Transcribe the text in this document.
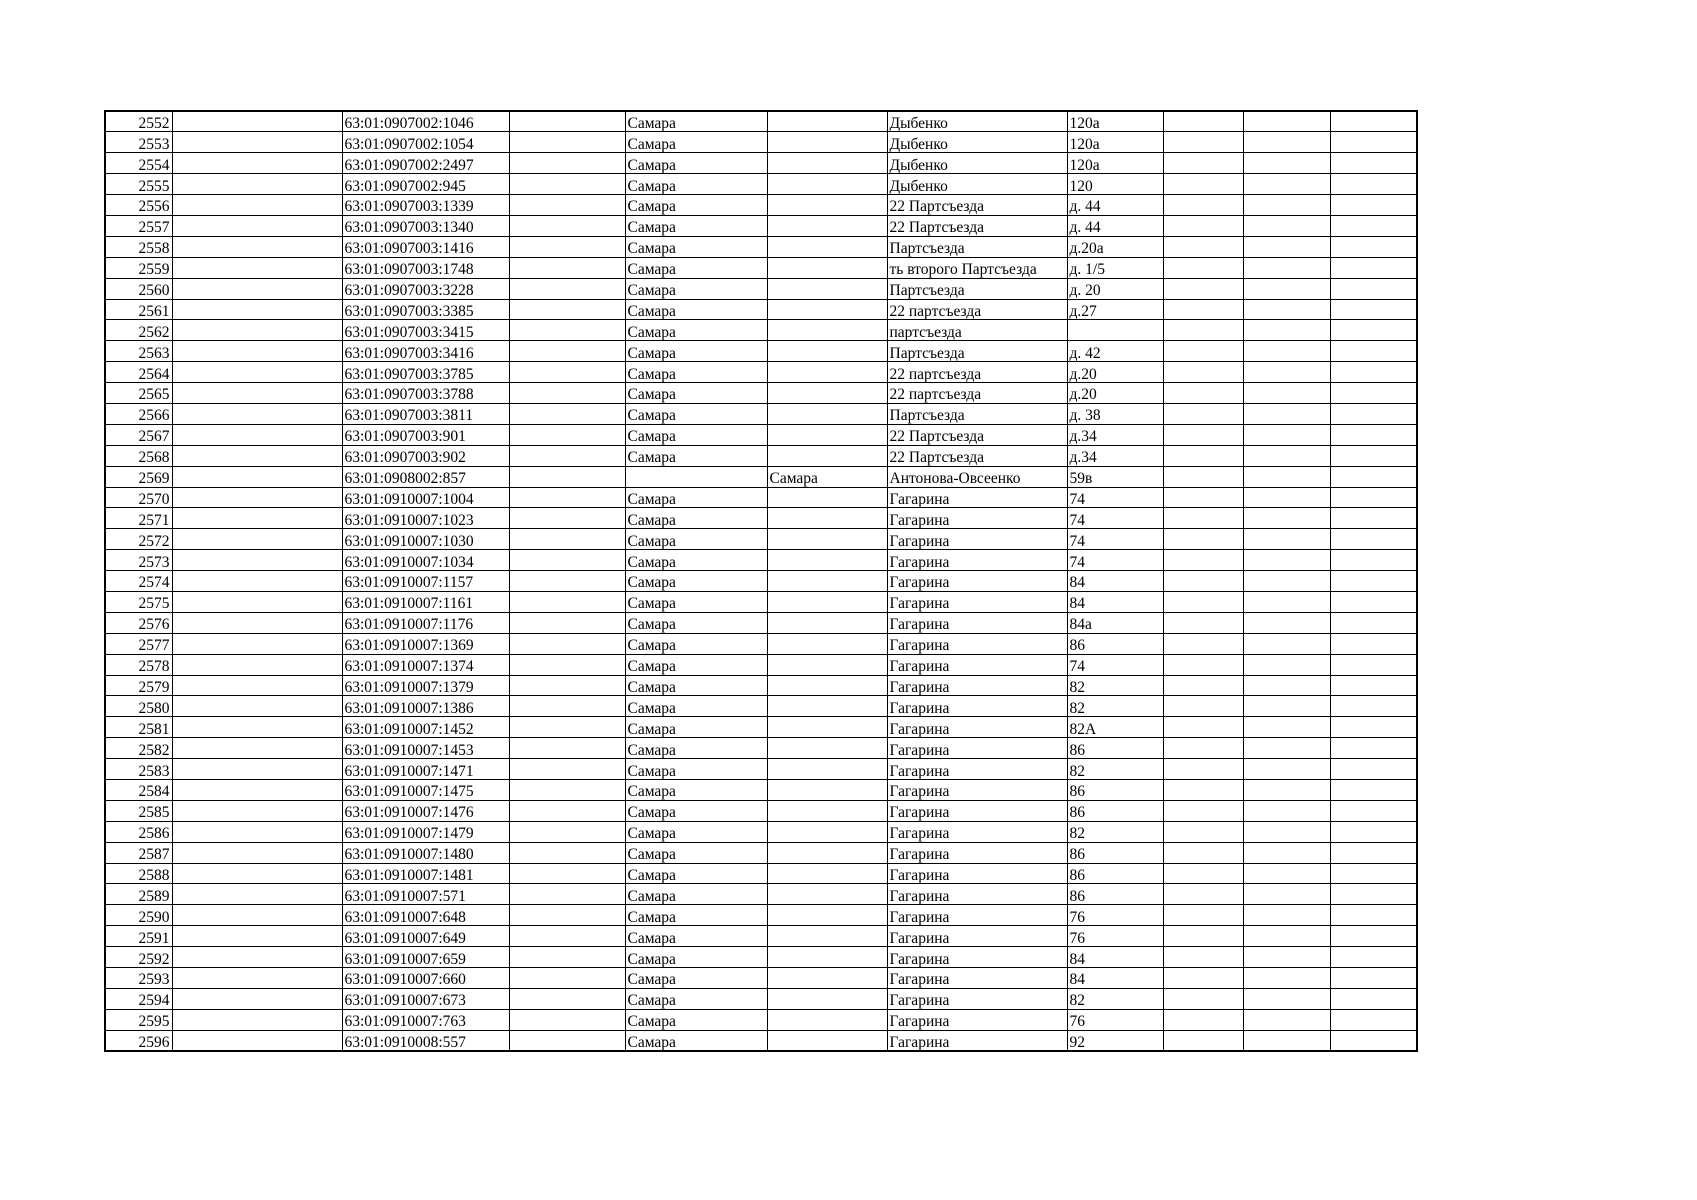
2552		63:01:0907002:1046		Самара		Дыбенко	120а			
2553		63:01:0907002:1054		Самара		Дыбенко	120а			
2554		63:01:0907002:2497		Самара		Дыбенко	120а			
2555		63:01:0907002:945		Самара		Дыбенко	120			
2556		63:01:0907003:1339		Самара		22 Партсъезда	д. 44			
2557		63:01:0907003:1340		Самара		22 Партсъезда	д. 44			
2558		63:01:0907003:1416		Самара		Партсъезда	д.20а			
2559		63:01:0907003:1748		Самара		ть второго Партсъезда	д. 1/5			
2560		63:01:0907003:3228		Самара		Партсъезда	д. 20			
2561		63:01:0907003:3385		Самара		22 партсъезда	д.27			
2562		63:01:0907003:3415		Самара		партсъезда				
2563		63:01:0907003:3416		Самара		Партсъезда	д. 42			
2564		63:01:0907003:3785		Самара		22 партсъезда	д.20			
2565		63:01:0907003:3788		Самара		22 партсъезда	д.20			
2566		63:01:0907003:3811		Самара		Партсъезда	д. 38			
2567		63:01:0907003:901		Самара		22 Партсъезда	д.34			
2568		63:01:0907003:902		Самара		22 Партсъезда	д.34			
2569		63:01:0908002:857			Самара	Антонова-Овсеенко	59в			
2570		63:01:0910007:1004		Самара		Гагарина	74			
2571		63:01:0910007:1023		Самара		Гагарина	74			
2572		63:01:0910007:1030		Самара		Гагарина	74			
2573		63:01:0910007:1034		Самара		Гагарина	74			
2574		63:01:0910007:1157		Самара		Гагарина	84			
2575		63:01:0910007:1161		Самара		Гагарина	84			
2576		63:01:0910007:1176		Самара		Гагарина	84а			
2577		63:01:0910007:1369		Самара		Гагарина	86			
2578		63:01:0910007:1374		Самара		Гагарина	74			
2579		63:01:0910007:1379		Самара		Гагарина	82			
2580		63:01:0910007:1386		Самара		Гагарина	82			
2581		63:01:0910007:1452		Самара		Гагарина	82А			
2582		63:01:0910007:1453		Самара		Гагарина	86			
2583		63:01:0910007:1471		Самара		Гагарина	82			
2584		63:01:0910007:1475		Самара		Гагарина	86			
2585		63:01:0910007:1476		Самара		Гагарина	86			
2586		63:01:0910007:1479		Самара		Гагарина	82			
2587		63:01:0910007:1480		Самара		Гагарина	86			
2588		63:01:0910007:1481		Самара		Гагарина	86			
2589		63:01:0910007:571		Самара		Гагарина	86			
2590		63:01:0910007:648		Самара		Гагарина	76			
2591		63:01:0910007:649		Самара		Гагарина	76			
2592		63:01:0910007:659		Самара		Гагарина	84			
2593		63:01:0910007:660		Самара		Гагарина	84			
2594		63:01:0910007:673		Самара		Гагарина	82			
2595		63:01:0910007:763		Самара		Гагарина	76			
2596		63:01:0910008:557		Самара		Гагарина	92			
